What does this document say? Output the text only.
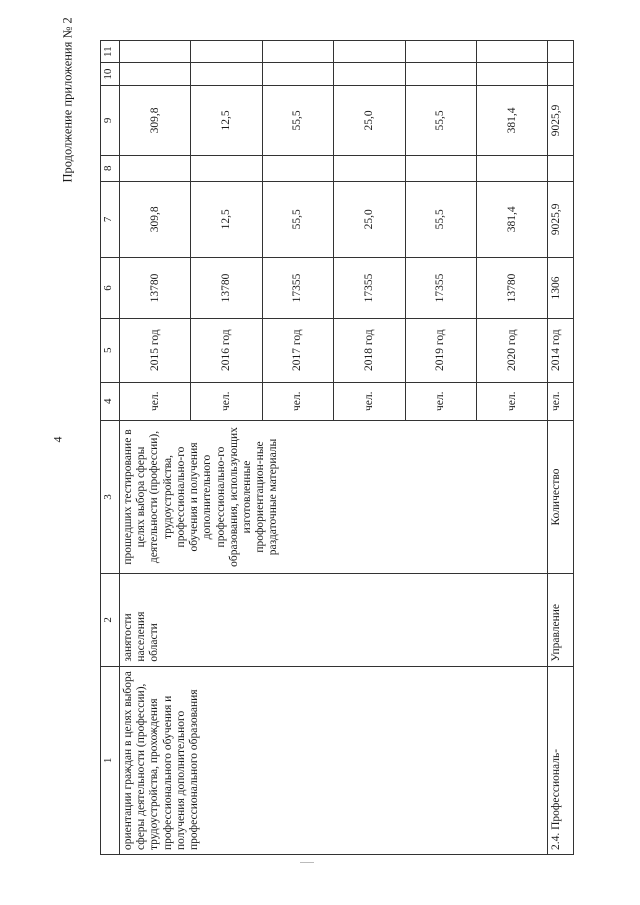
4
Продолжение приложения № 2
1	2	3	4	5	6	7	8	9	10	11
ориентации граждан в целях выбора сферы деятельности (профессии), трудоустройства, прохождения профессионального обучения и получения дополнительного профессионального образования	занятости населения области	прошедших тестирование в целях выбора сферы деятельности (профессии), трудоустройства, профессионально-го обучения и получения дополнительного профессионально-го образования, использующих изготовленные профориентацион-ные раздаточные материалы	чел.	2015 год	13780	309,8		309,8		
			чел.	2016 год	13780	12,5		12,5		
			чел.	2017 год	17355	55,5		55,5		
			чел.	2018 год	17355	25,0		25,0		
			чел.	2019 год	17355	55,5		55,5		
			чел.	2020 год	13780	381,4		381,4		
2.4. Профессиональ-	Управление	Количество	чел.	2014 год	1306	9025,9		9025,9		
